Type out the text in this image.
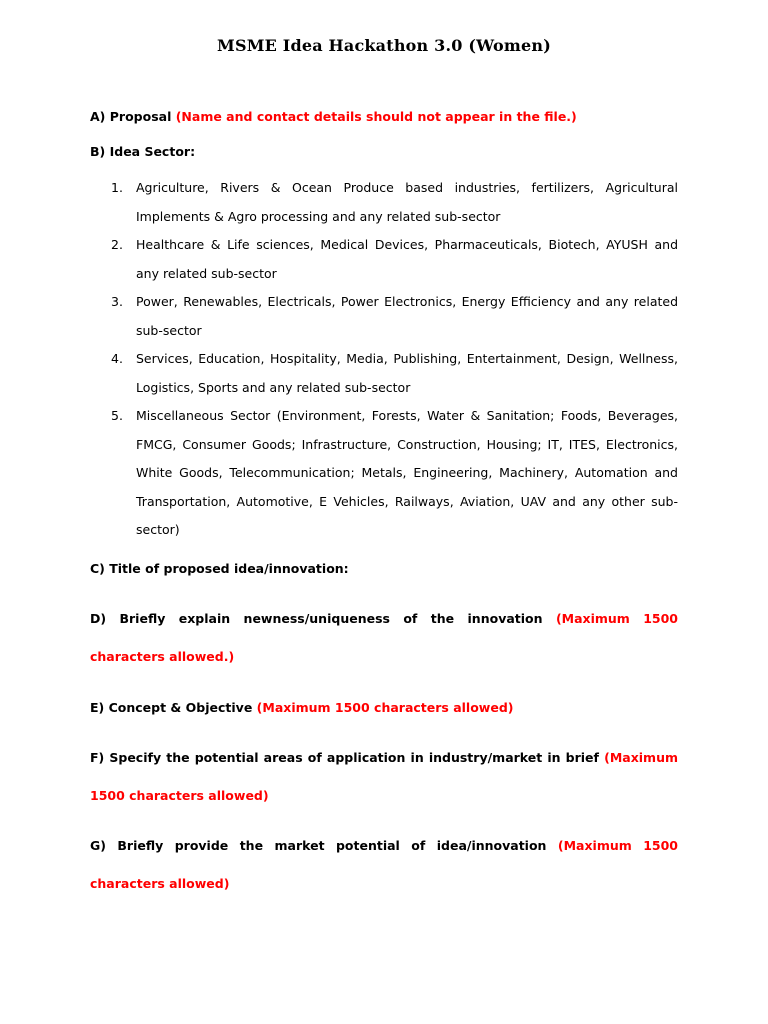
MSME Idea Hackathon 3.0 (Women)
A) Proposal (Name and contact details should not appear in the file.)
B) Idea Sector:
1. Agriculture, Rivers & Ocean Produce based industries, fertilizers, Agricultural Implements & Agro processing and any related sub-sector
2. Healthcare & Life sciences, Medical Devices, Pharmaceuticals, Biotech, AYUSH and any related sub-sector
3. Power, Renewables, Electricals, Power Electronics, Energy Efficiency and any related sub-sector
4. Services, Education, Hospitality, Media, Publishing, Entertainment, Design, Wellness, Logistics, Sports and any related sub-sector
5. Miscellaneous Sector (Environment, Forests, Water & Sanitation; Foods, Beverages, FMCG, Consumer Goods; Infrastructure, Construction, Housing; IT, ITES, Electronics, White Goods, Telecommunication; Metals, Engineering, Machinery, Automation and Transportation, Automotive, E Vehicles, Railways, Aviation, UAV and any other sub-sector)
C) Title of proposed idea/innovation:
D) Briefly explain newness/uniqueness of the innovation (Maximum 1500 characters allowed.)
E) Concept & Objective (Maximum 1500 characters allowed)
F) Specify the potential areas of application in industry/market in brief (Maximum 1500 characters allowed)
G) Briefly provide the market potential of idea/innovation (Maximum 1500 characters allowed)
